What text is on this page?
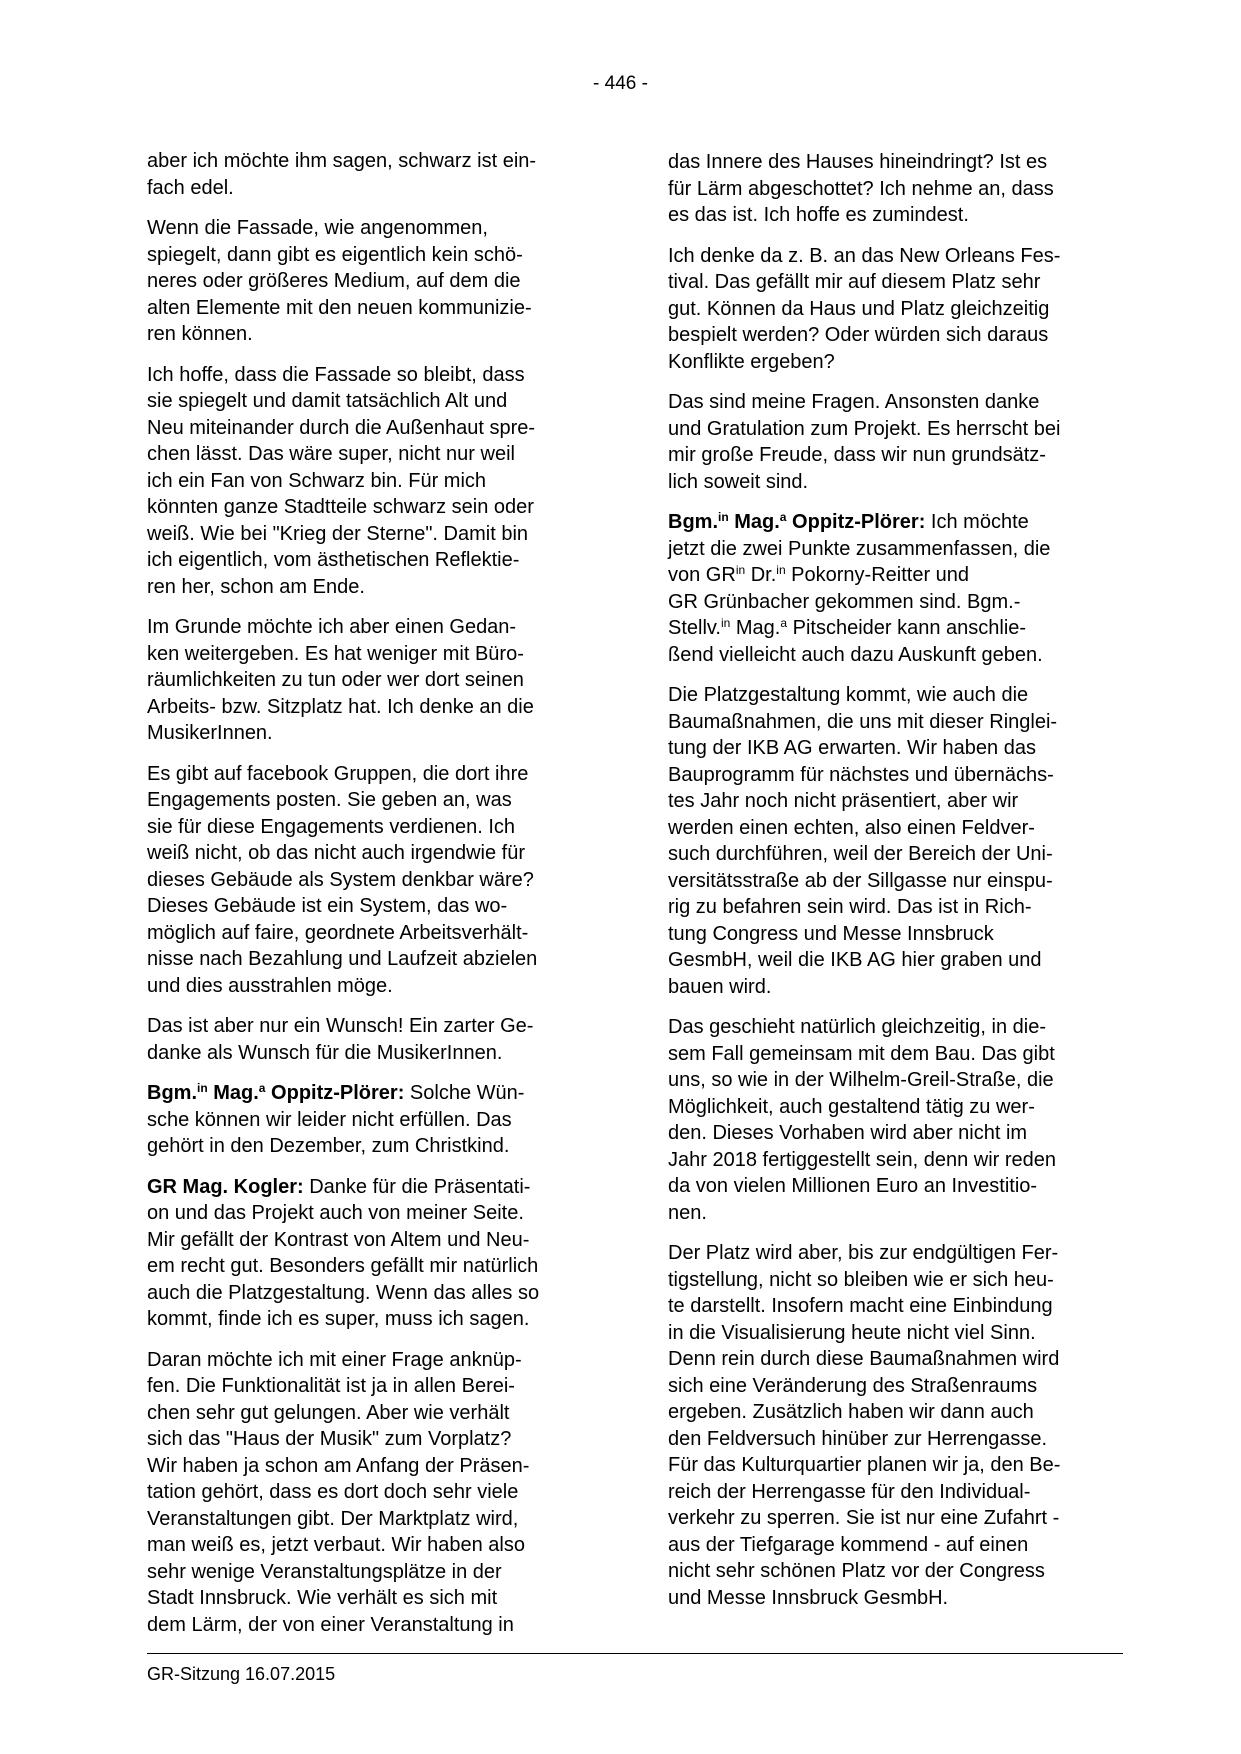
- 446 -

aber ich möchte ihm sagen, schwarz ist ein-
fach edel.

Wenn die Fassade, wie angenommen,
spiegelt, dann gibt es eigentlich kein schö-
neres oder größeres Medium, auf dem die
alten Elemente mit den neuen kommunizie-
ren können.

Ich hoffe, dass die Fassade so bleibt, dass
sie spiegelt und damit tatsächlich Alt und
Neu miteinander durch die Außenhaut spre-
chen lässt. Das wäre super, nicht nur weil
ich ein Fan von Schwarz bin. Für mich
könnten ganze Stadtteile schwarz sein oder
weiß. Wie bei "Krieg der Sterne". Damit bin
ich eigentlich, vom ästhetischen Reflektie-
ren her, schon am Ende.

Im Grunde möchte ich aber einen Gedan-
ken weitergeben. Es hat weniger mit Büro-
räumlichkeiten zu tun oder wer dort seinen
Arbeits- bzw. Sitzplatz hat. Ich denke an die
MusikerInnen.

Es gibt auf facebook Gruppen, die dort ihre
Engagements posten. Sie geben an, was
sie für diese Engagements verdienen. Ich
weiß nicht, ob das nicht auch irgendwie für
dieses Gebäude als System denkbar wäre?
Dieses Gebäude ist ein System, das wo-
möglich auf faire, geordnete Arbeitsverhält-
nisse nach Bezahlung und Laufzeit abzielen
und dies ausstrahlen möge.

Das ist aber nur ein Wunsch! Ein zarter Ge-
danke als Wunsch für die MusikerInnen.

Bgm.$^{in}$ Mag.$^a$ Oppitz-Plörer: Solche Wün-
sche können wir leider nicht erfüllen. Das
gehört in den Dezember, zum Christkind.

GR Mag. Kogler: Danke für die Präsentati-
on und das Projekt auch von meiner Seite.
Mir gefällt der Kontrast von Altem und Neu-
em recht gut. Besonders gefällt mir natürlich
auch die Platzgestaltung. Wenn das alles so
kommt, finde ich es super, muss ich sagen.

Daran möchte ich mit einer Frage anknüp-
fen. Die Funktionalität ist ja in allen Berei-
chen sehr gut gelungen. Aber wie verhält
sich das "Haus der Musik" zum Vorplatz?
Wir haben ja schon am Anfang der Präsen-
tation gehört, dass es dort doch sehr viele
Veranstaltungen gibt. Der Marktplatz wird,
man weiß es, jetzt verbaut. Wir haben also
sehr wenige Veranstaltungsplätze in der
Stadt Innsbruck. Wie verhält es sich mit
dem Lärm, der von einer Veranstaltung in

das Innere des Hauses hineindringt? Ist es
für Lärm abgeschottet? Ich nehme an, dass
es das ist. Ich hoffe es zumindest.

Ich denke da z. B. an das New Orleans Fes-
tival. Das gefällt mir auf diesem Platz sehr
gut. Können da Haus und Platz gleichzeitig
bespielt werden? Oder würden sich daraus
Konflikte ergeben?

Das sind meine Fragen. Ansonsten danke
und Gratulation zum Projekt. Es herrscht bei
mir große Freude, dass wir nun grundsätz-
lich soweit sind.

Bgm.$^{in}$ Mag.$^a$ Oppitz-Plörer: Ich möchte
jetzt die zwei Punkte zusammenfassen, die
von $GR^{in}$ Dr.$^{in}$ Pokorny-Reitter und
GR Grünbacher gekommen sind. Bgm.-
Stellv.$^{in}$ Mag.$^a$ Pitscheider kann anschlie-
ßend vielleicht auch dazu Auskunft geben.

Die Platzgestaltung kommt, wie auch die
Baumaßnahmen, die uns mit dieser Ringlei-
tung der IKB AG erwarten. Wir haben das
Bauprogramm für nächstes und übernächs-
tes Jahr noch nicht präsentiert, aber wir
werden einen echten, also einen Feldver-
such durchführen, weil der Bereich der Uni-
versitätsstraße ab der Sillgasse nur einspu-
rig zu befahren sein wird. Das ist in Rich-
tung Congress und Messe Innsbruck
GesmbH, weil die IKB AG hier graben und
bauen wird.

Das geschieht natürlich gleichzeitig, in die-
sem Fall gemeinsam mit dem Bau. Das gibt
uns, so wie in der Wilhelm-Greil-Straße, die
Möglichkeit, auch gestaltend tätig zu wer-
den. Dieses Vorhaben wird aber nicht im
Jahr 2018 fertiggestellt sein, denn wir reden
da von vielen Millionen Euro an Investitio-
nen.

Der Platz wird aber, bis zur endgültigen Fer-
tigstellung, nicht so bleiben wie er sich heu-
te darstellt. Insofern macht eine Einbindung
in die Visualisierung heute nicht viel Sinn.
Denn rein durch diese Baumaßnahmen wird
sich eine Veränderung des Straßenraums
ergeben. Zusätzlich haben wir dann auch
den Feldversuch hinüber zur Herrengasse.
Für das Kulturquartier planen wir ja, den Be-
reich der Herrengasse für den Individual-
verkehr zu sperren. Sie ist nur eine Zufahrt -
aus der Tiefgarage kommend - auf einen
nicht sehr schönen Platz vor der Congress
und Messe Innsbruck GesmbH.

GR-Sitzung 16.07.2015
